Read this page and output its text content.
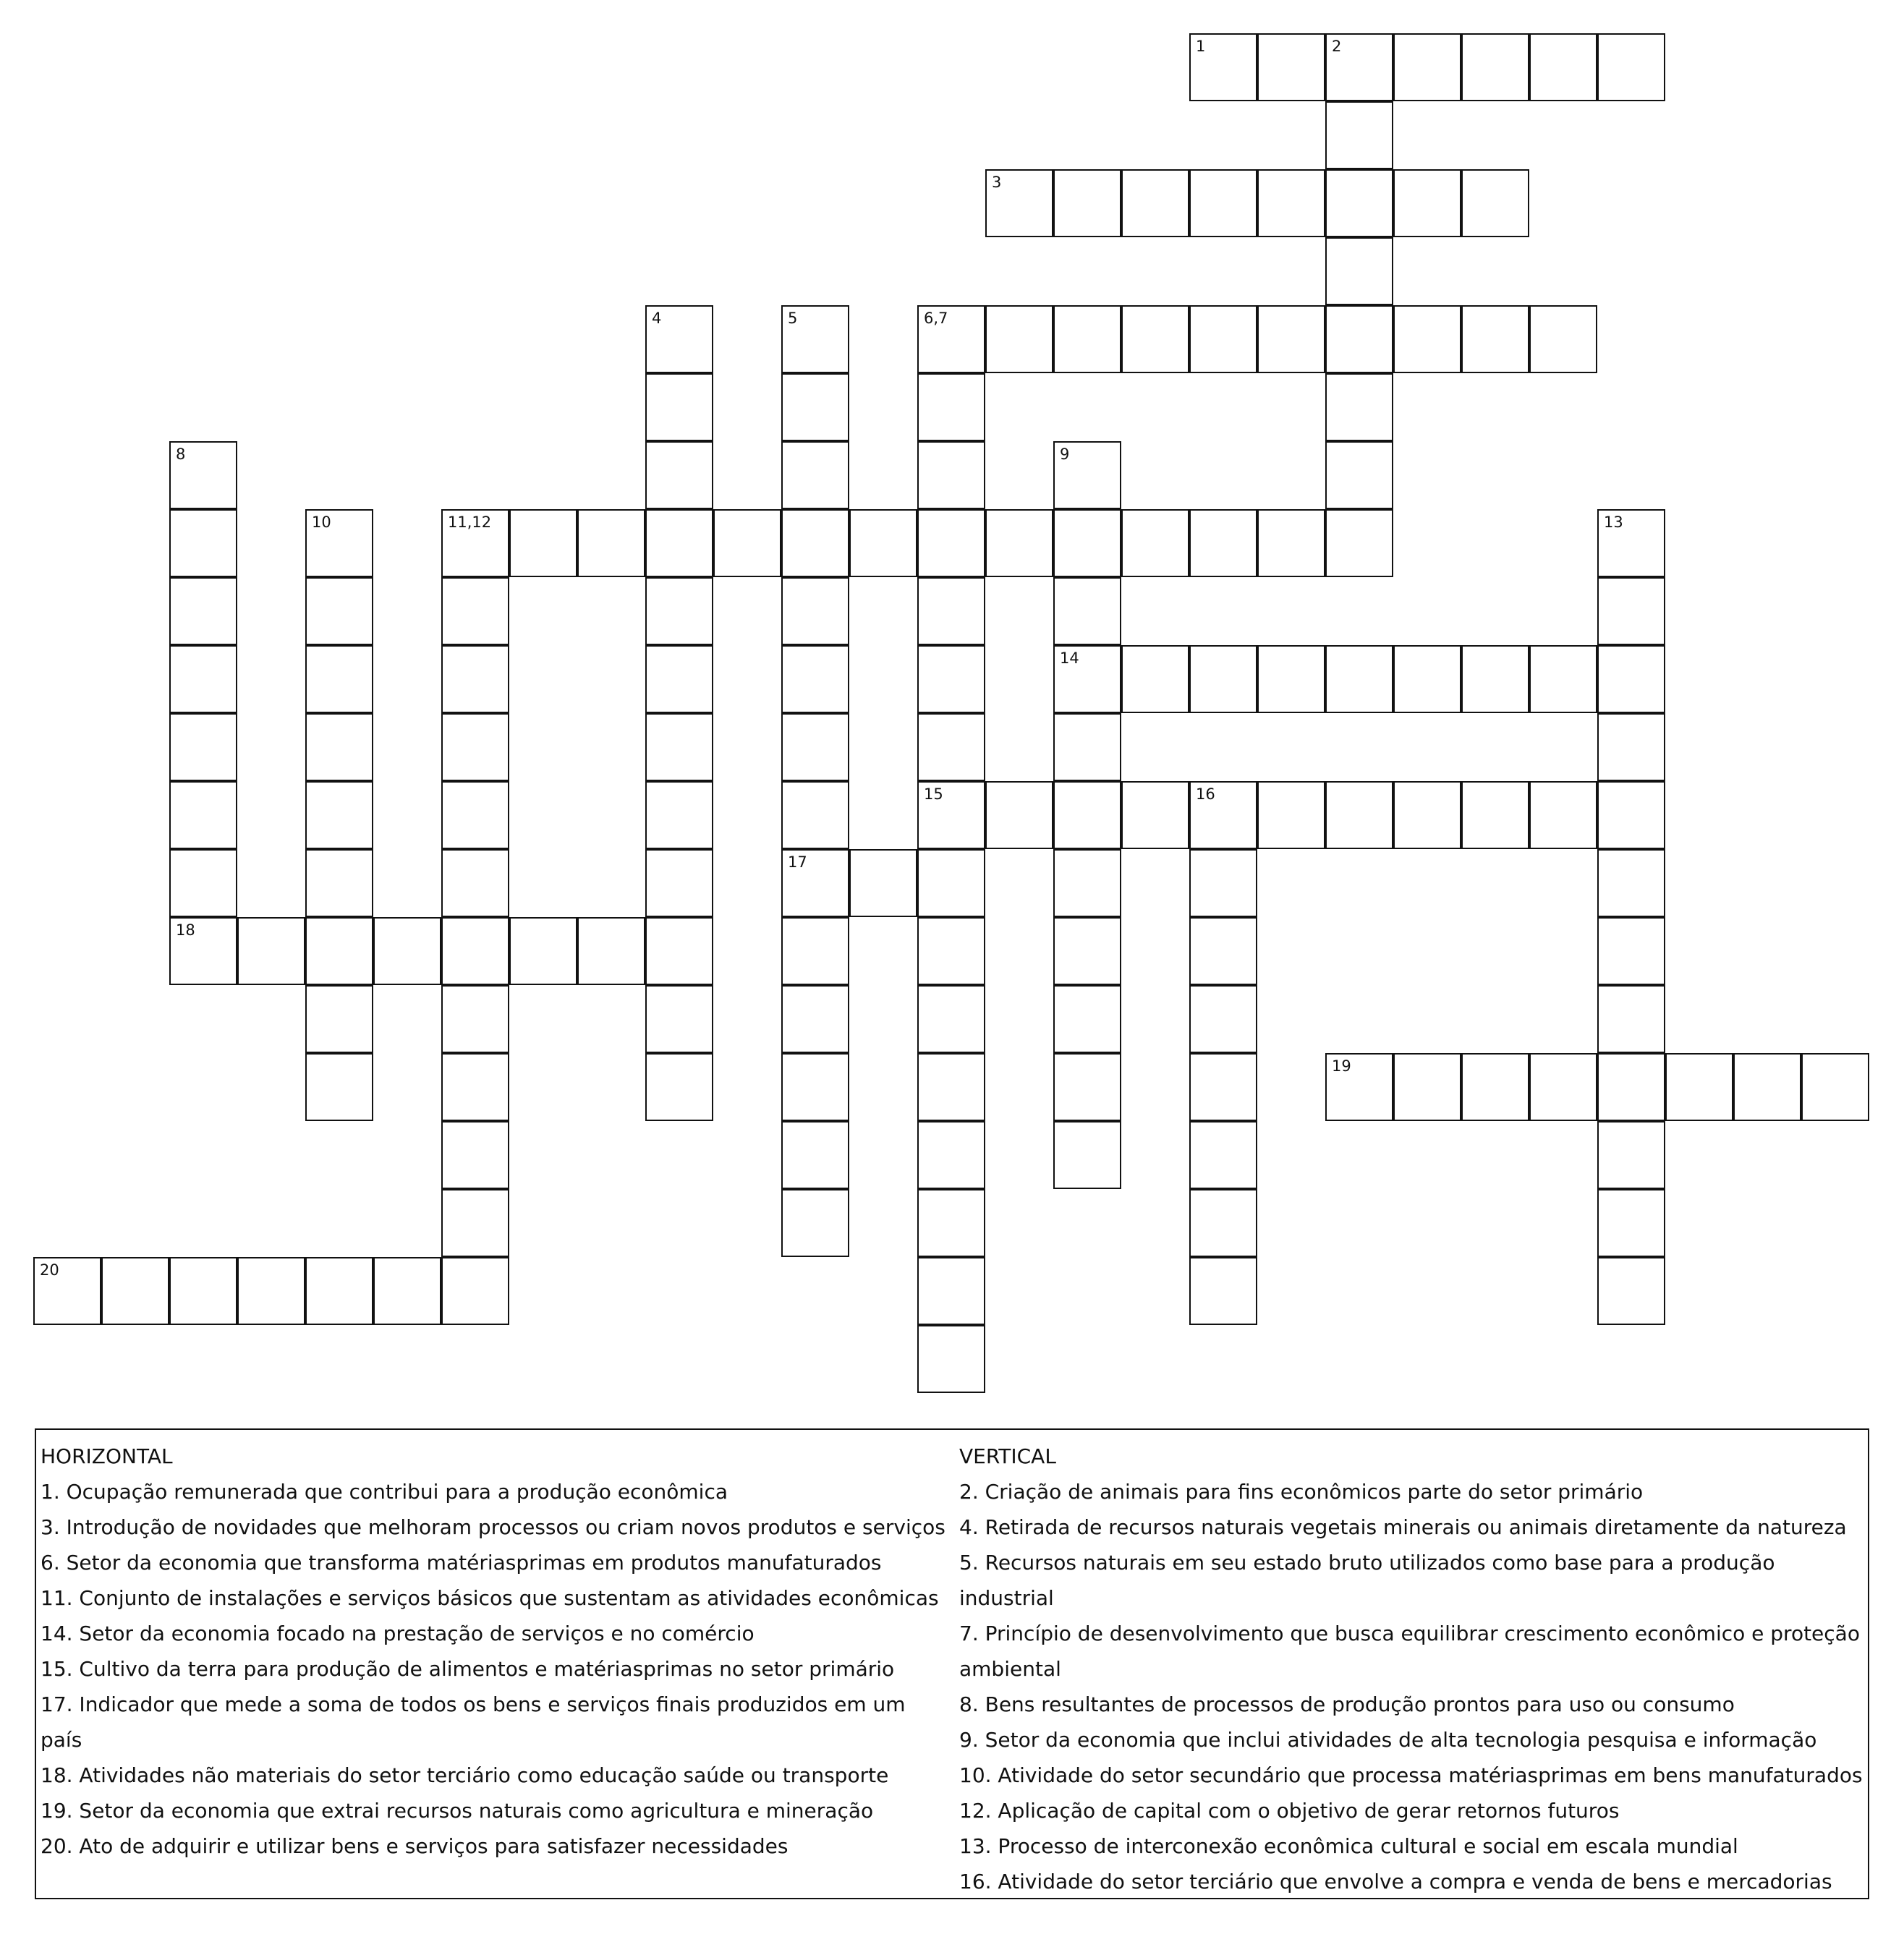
1	2
3
4	5	6,7
8	9
10	11,12	13
14
15	16
17
18
19
20

HORIZONTAL

1. Ocupação remunerada que contribui para a produção econômica

3. Introdução de novidades que melhoram processos ou criam novos produtos e serviços

6. Setor da economia que transforma matériasprimas em produtos manufaturados

11. Conjunto de instalações e serviços básicos que sustentam as atividades econômicas

14. Setor da economia focado na prestação de serviços e no comércio

15. Cultivo da terra para produção de alimentos e matériasprimas no setor primário

17. Indicador que mede a soma de todos os bens e serviços finais produzidos em um país

18. Atividades não materiais do setor terciário como educação saúde ou transporte

19. Setor da economia que extrai recursos naturais como agricultura e mineração

20. Ato de adquirir e utilizar bens e serviços para satisfazer necessidades

VERTICAL

2. Criação de animais para fins econômicos parte do setor primário

4. Retirada de recursos naturais vegetais minerais ou animais diretamente da natureza

5. Recursos naturais em seu estado bruto utilizados como base para a produção industrial

7. Princípio de desenvolvimento que busca equilibrar crescimento econômico e proteção ambiental

8. Bens resultantes de processos de produção prontos para uso ou consumo

9. Setor da economia que inclui atividades de alta tecnologia pesquisa e informação

10. Atividade do setor secundário que processa matériasprimas em bens manufaturados

12. Aplicação de capital com o objetivo de gerar retornos futuros

13. Processo de interconexão econômica cultural e social em escala mundial

16. Atividade do setor terciário que envolve a compra e venda de bens e mercadorias
